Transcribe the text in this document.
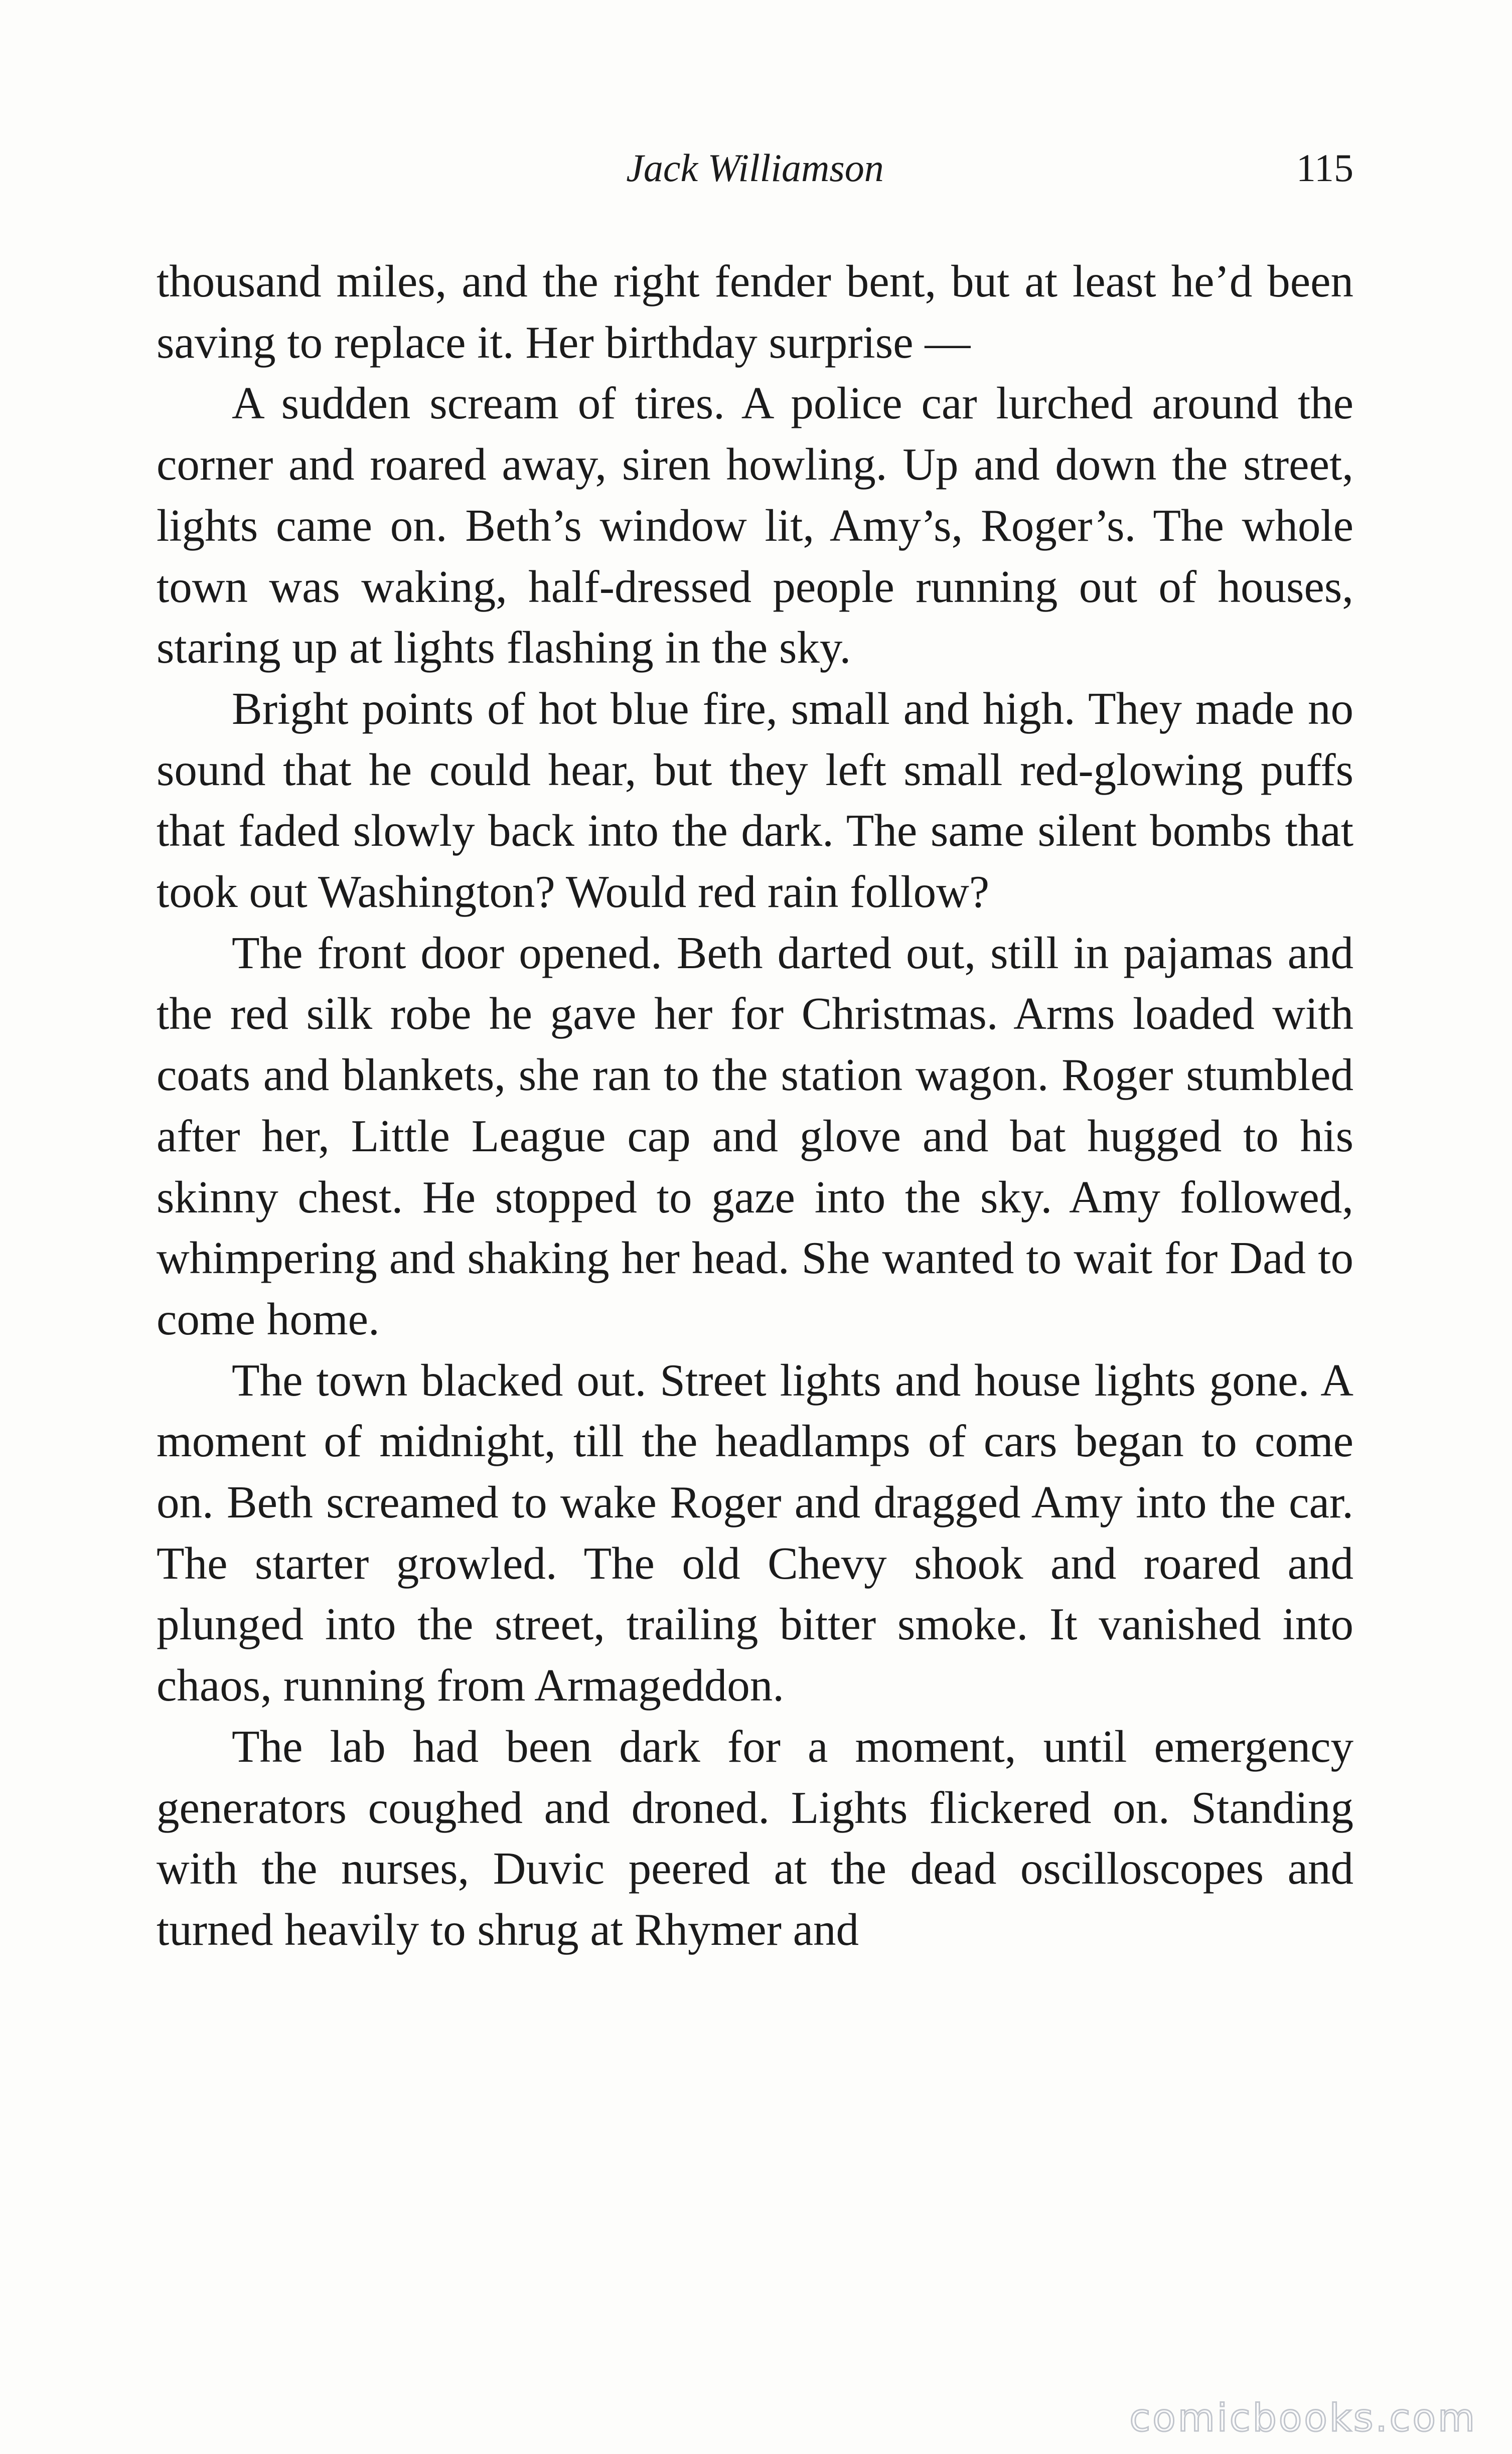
Jack Williamson	115

thousand miles, and the right fender bent, but at least he’d been saving to replace it. Her birthday surprise —

A sudden scream of tires. A police car lurched around the corner and roared away, siren howling. Up and down the street, lights came on. Beth’s window lit, Amy’s, Roger’s. The whole town was waking, half-dressed people running out of houses, staring up at lights flashing in the sky.

Bright points of hot blue fire, small and high. They made no sound that he could hear, but they left small red-glowing puffs that faded slowly back into the dark. The same silent bombs that took out Washington? Would red rain follow?

The front door opened. Beth darted out, still in pajamas and the red silk robe he gave her for Christmas. Arms loaded with coats and blankets, she ran to the station wagon. Roger stumbled after her, Little League cap and glove and bat hugged to his skinny chest. He stopped to gaze into the sky. Amy followed, whimpering and shaking her head. She wanted to wait for Dad to come home.

The town blacked out. Street lights and house lights gone. A moment of midnight, till the headlamps of cars began to come on. Beth screamed to wake Roger and dragged Amy into the car. The starter growled. The old Chevy shook and roared and plunged into the street, trailing bitter smoke. It vanished into chaos, running from Armageddon.

The lab had been dark for a moment, until emergency generators coughed and droned. Lights flickered on. Standing with the nurses, Duvic peered at the dead oscilloscopes and turned heavily to shrug at Rhymer and

comicbooks.com
